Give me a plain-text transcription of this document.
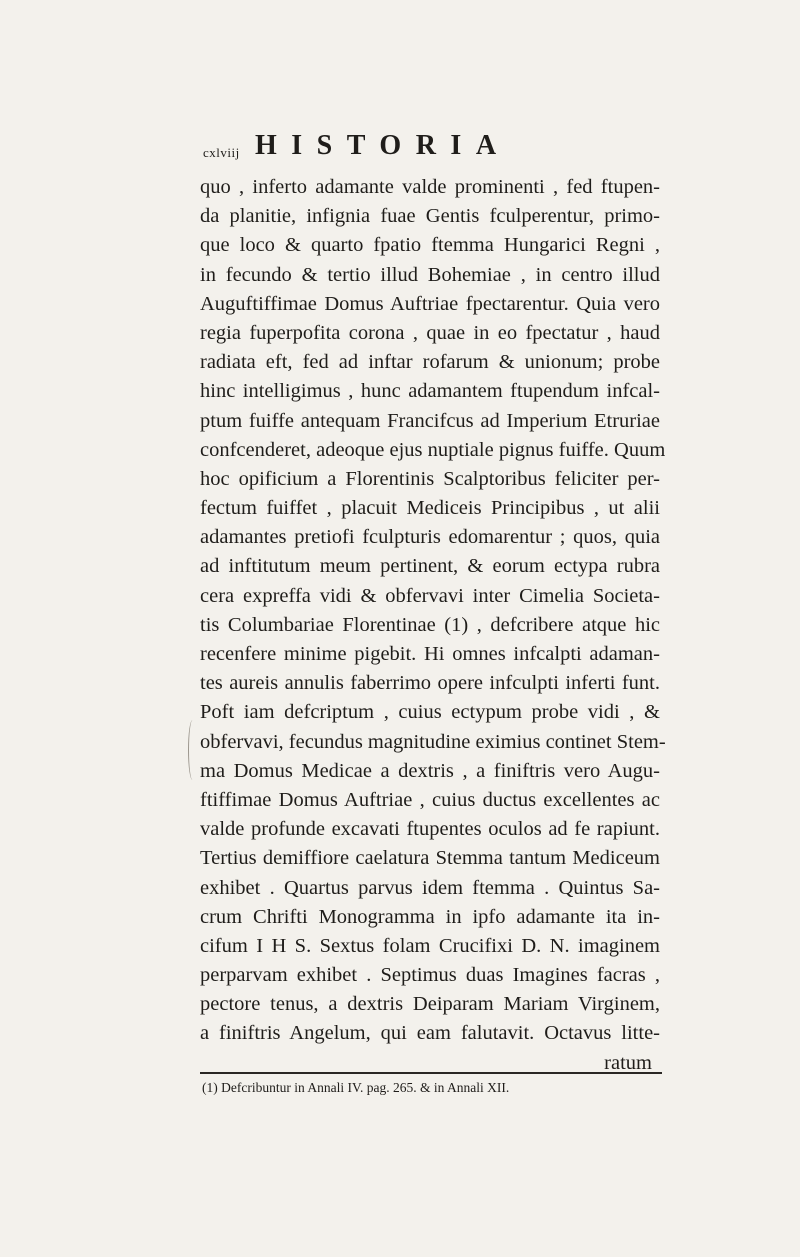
cxlviij HISTORIA
quo , inferto adamante valde prominenti , fed ftupen-
da planitie, infignia fuae Gentis fculperentur, primo-
que loco & quarto fpatio ftemma Hungarici Regni ,
in fecundo & tertio illud Bohemiae , in centro illud
Auguftiffimae Domus Auftriae fpectarentur. Quia vero
regia fuperpofita corona , quae in eo fpectatur , haud
radiata eft, fed ad inftar rofarum & unionum; probe
hinc intelligimus , hunc adamantem ftupendum infcal-
ptum fuiffe antequam Francifcus ad Imperium Etruriae
confcenderet, adeoque ejus nuptiale pignus fuiffe. Quum
hoc opificium a Florentinis Scalptoribus feliciter per-
fectum fuiffet , placuit Mediceis Principibus , ut alii
adamantes pretiofi fculpturis edomarentur ; quos, quia
ad inftitutum meum pertinent, & eorum ectypa rubra
cera expreffa vidi & obfervavi inter Cimelia Societa-
tis Columbariae Florentinae (1) , defcribere atque hic
recenfere minime pigebit. Hi omnes infcalpti adaman-
tes aureis annulis faberrimo opere infculpti inferti funt.
Poft iam defcriptum , cuius ectypum probe vidi , &
obfervavi, fecundus magnitudine eximius continet Stem-
ma Domus Medicae a dextris , a finiftris vero Augu-
ftiffimae Domus Auftriae , cuius ductus excellentes ac
valde profunde excavati ftupentes oculos ad fe rapiunt.
Tertius demiffiore caelatura Stemma tantum Mediceum
exhibet . Quartus parvus idem ftemma . Quintus Sa-
crum Chrifti Monogramma in ipfo adamante ita in-
cifum I H S. Sextus folam Crucifixi D. N. imaginem
perparvam exhibet . Septimus duas Imagines facras ,
pectore tenus, a dextris Deiparam Mariam Virginem,
a finiftris Angelum, qui eam falutavit. Octavus litte-
ratum
(1) Defcribuntur in Annali IV. pag. 265. & in Annali XII.
